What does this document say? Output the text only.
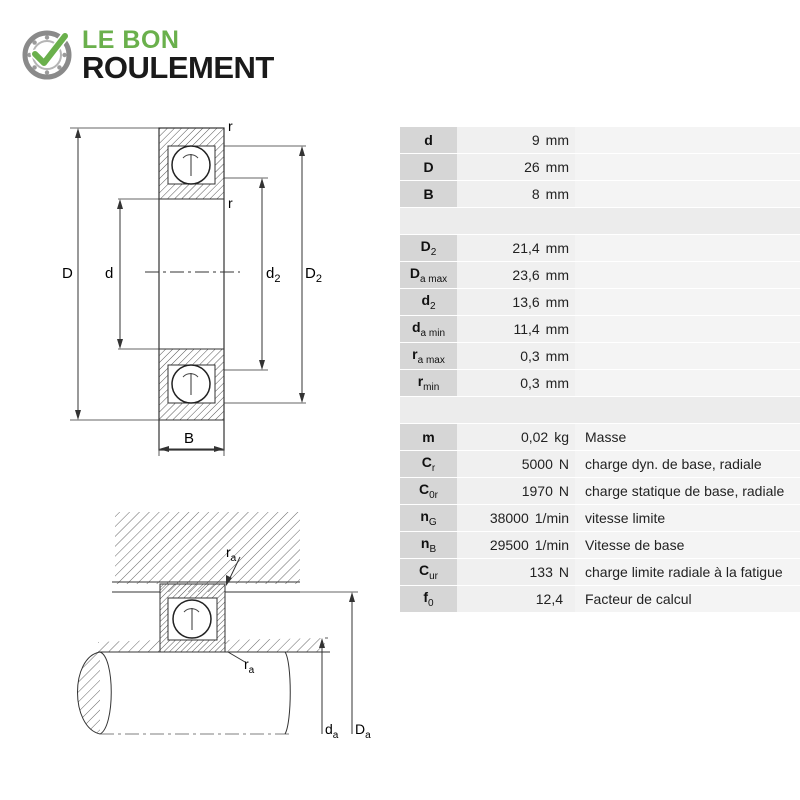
LE BON
ROULEMENT
D d	$d_2$ $D_2$
r
r
B
$r_a$
$r_a$
$D_a$
$d_a$
d	9 mm	
D	26 mm	
B	8 mm	

$D_2$	21,4 mm	
$D_{a max}$	23,6 mm	
$d_2$	13,6 mm	
$d_{a min}$	11,4 mm	
$r_{a max}$	0,3 mm	
$r_{min}$	0,3 mm	

m	0,02 kg	Masse
$C_r$	5000 N	charge dyn. de base, radiale
$C_{0r}$	1970 N	charge statique de base, radiale
$n_G$	38000 1/min	vitesse limite
$n_B$	29500 1/min	Vitesse de base
$C_{ur}$	133 N	charge limite radiale à la fatigue
$f_0$	12,4	Facteur de calcul
